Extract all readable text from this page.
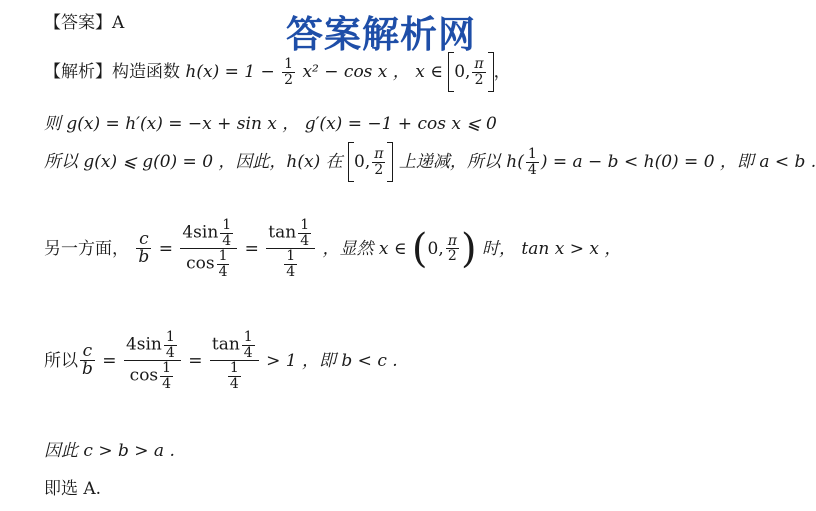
答案解析网
【答案】A
【解析】构造函数 $h(x) = 1 - \frac{1}{2} x^2 - \cos x$ ， x ∈ 0, $\frac{\pi}{2}$ ，
则 g(x) = h′(x) = −x + sin x ， g′(x) = −1 + cos x ⩽ 0
所以 g(x) ⩽ g(0) = 0 ，因此，h(x) 在 0, $\frac{\pi}{2}$ 上递减，所以 $h( \frac{1}{4}$ ) = a − b < h(0) = 0 ，即 a < b .
另一方面， $\frac{c}{b} = \frac{4\sin \frac{1}{4}}{\cos \frac{1}{4}} = \frac{\tan \frac{1}{4}}{\frac{1}{4}}$ ，显然 x ∈ (0, $\frac{\pi}{2}$ ) 时， tan x > x ，
所以 $\frac{c}{b} = \frac{4\sin \frac{1}{4}}{\cos \frac{1}{4}} = \frac{\tan \frac{1}{4}}{\frac{1}{4}} > 1$ ，即 b < c .
因此 c > b > a .
即选 A.
